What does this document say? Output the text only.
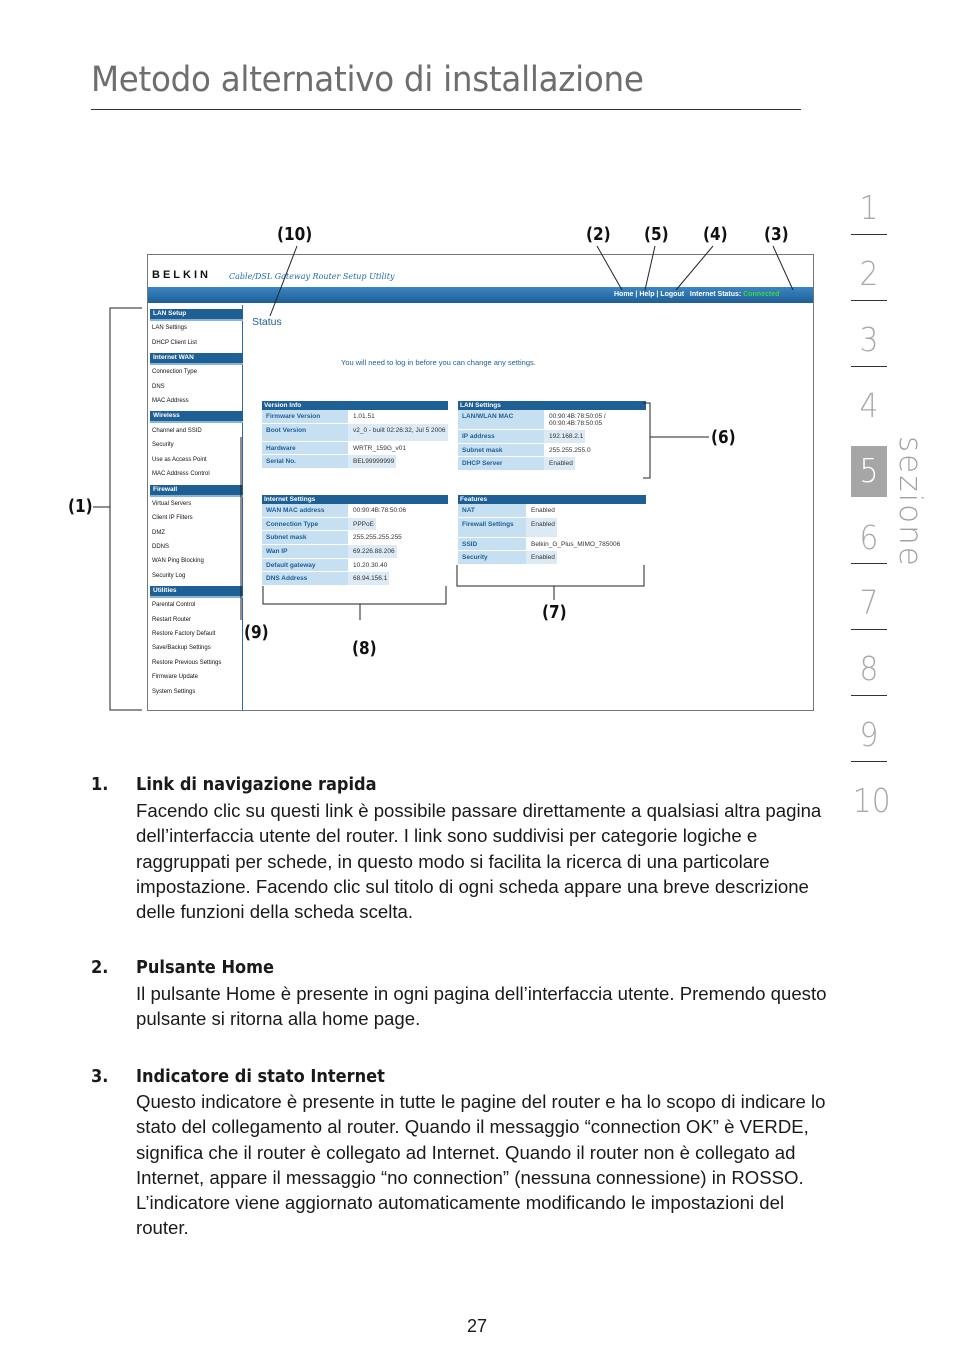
Metodo alternativo di installazione
1
2
3
4
5
6
7
8
9
10
sezione
BELKIN Cable/DSL Gateway Router Setup Utility
Home | Help | Logout Internet Status: Connected
LAN Setup
LAN Settings
DHCP Client List
Internet WAN
Connection Type
DNS
MAC Address
Wireless
Channel and SSID
Security
Use as Access Point
MAC Address Control
Firewall
Virtual Servers
Client IP Filters
DMZ
DDNS
WAN Ping Blocking
Security Log
Utilities
Parental Control
Restart Router
Restore Factory Default
Save/Backup Settings
Restore Previous Settings
Firmware Update
System Settings
Status
You will need to log in before you can change any settings.
Version Info
Firmware Version	1.01.51
Boot Version	v2_0 - built 02:26:32, Jul 5 2006
Hardware	WRTR_159G_v01
Serial No.	BEL99999999
LAN Settings
LAN/WLAN MAC	00:90:4B:78:50:05 / 00:90:4B:78:50:05
IP address	192.168.2.1
Subnet mask	255.255.255.0
DHCP Server	Enabled
Internet Settings
WAN MAC address	00:90:4B:78:50:06
Connection Type	PPPoE
Subnet mask	255.255.255.255
Wan IP	69.226.88.206
Default gateway	10.20.30.40
DNS Address	68.94.156.1
Features
NAT	Enabled
Firewall Settings	Enabled
SSID	Belkin_G_Plus_MIMO_785006
Security	Enabled
(10)	(2) (5) (4) (3)
(1)
(6)
(7)
(9)
(8)
1. Link di navigazione rapida
Facendo clic su questi link è possibile passare direttamente a qualsiasi altra pagina dell’interfaccia utente del router. I link sono suddivisi per categorie logiche e raggruppati per schede, in questo modo si facilita la ricerca di una particolare impostazione. Facendo clic sul titolo di ogni scheda appare una breve descrizione delle funzioni della scheda scelta.
2. Pulsante Home
Il pulsante Home è presente in ogni pagina dell’interfaccia utente. Premendo questo pulsante si ritorna alla home page.
3. Indicatore di stato Internet
Questo indicatore è presente in tutte le pagine del router e ha lo scopo di indicare lo stato del collegamento al router. Quando il messaggio “connection OK” è VERDE, significa che il router è collegato ad Internet. Quando il router non è collegato ad Internet, appare il messaggio “no connection” (nessuna connessione) in ROSSO. L’indicatore viene aggiornato automaticamente modificando le impostazioni del router.
27
